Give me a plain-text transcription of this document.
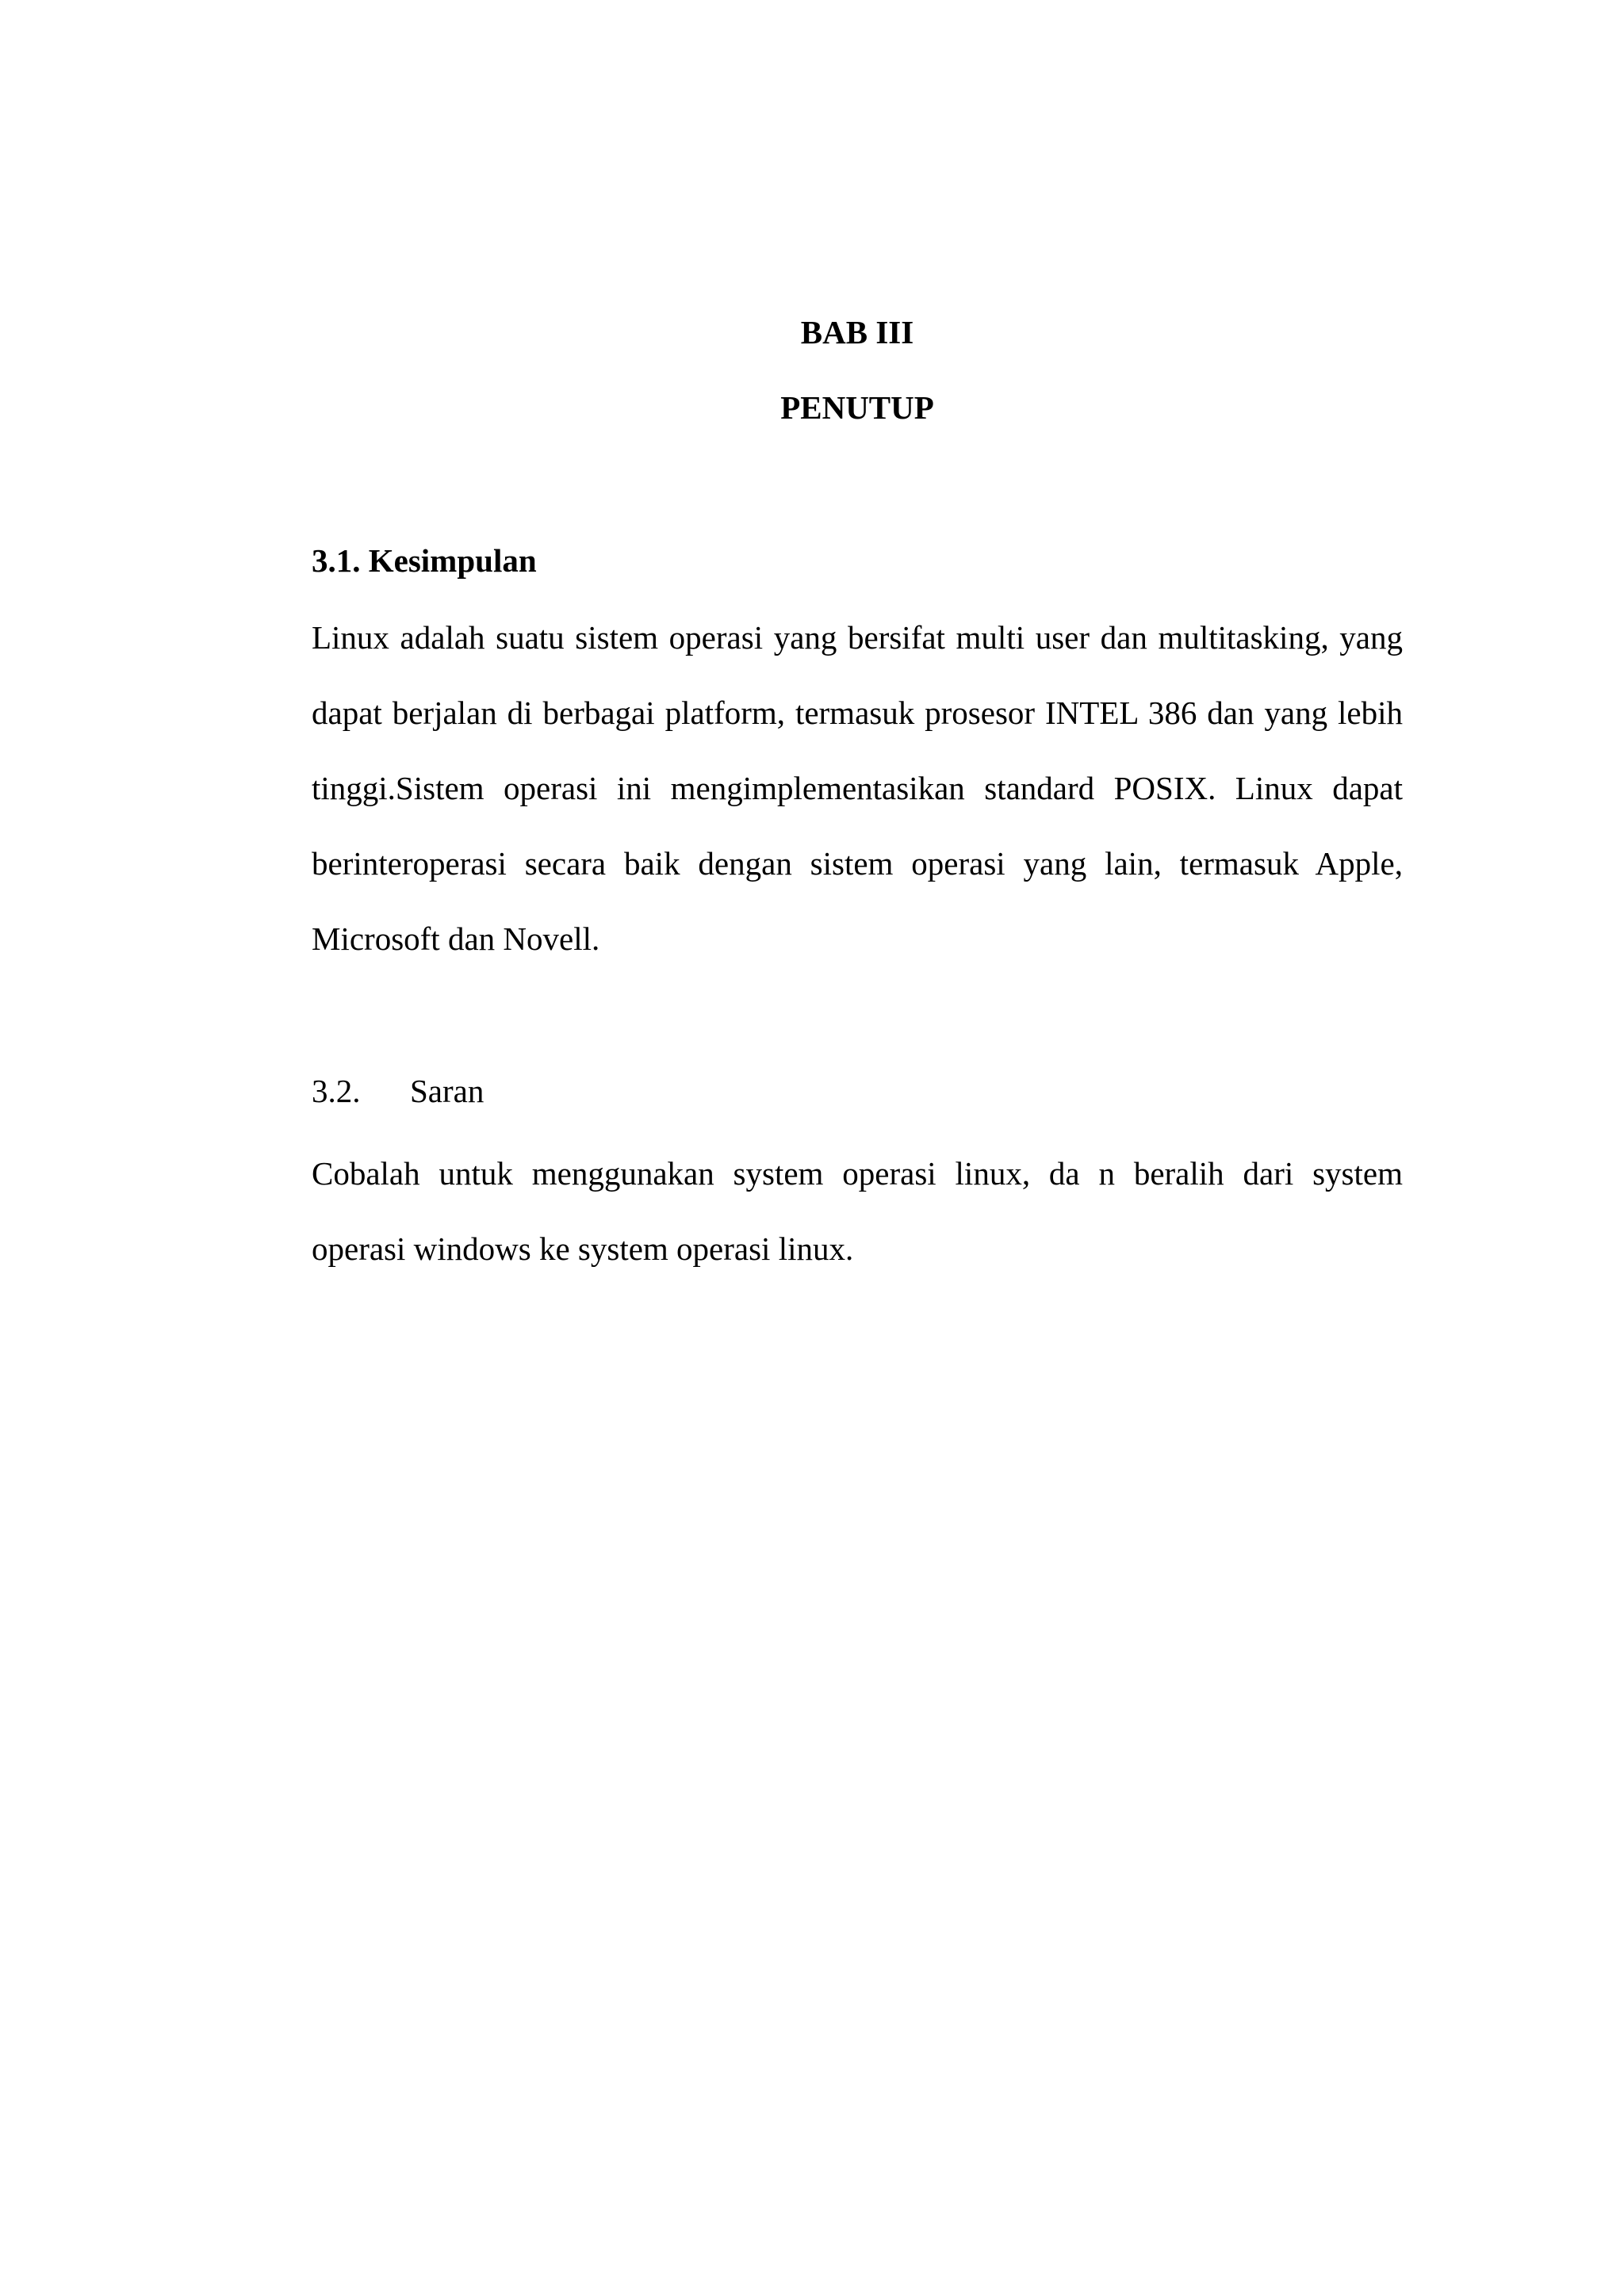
BAB III
PENUTUP
3.1. Kesimpulan
Linux adalah suatu sistem operasi yang bersifat multi user dan multitasking, yang
dapat berjalan di berbagai platform, termasuk prosesor INTEL 386 dan yang lebih
tinggi.Sistem operasi ini mengimplementasikan standard POSIX. Linux dapat
berinteroperasi secara baik dengan sistem operasi yang lain, termasuk Apple,
Microsoft dan Novell.
3.2. Saran
Cobalah untuk menggunakan system operasi linux, da n beralih dari system
operasi windows ke system operasi linux.
